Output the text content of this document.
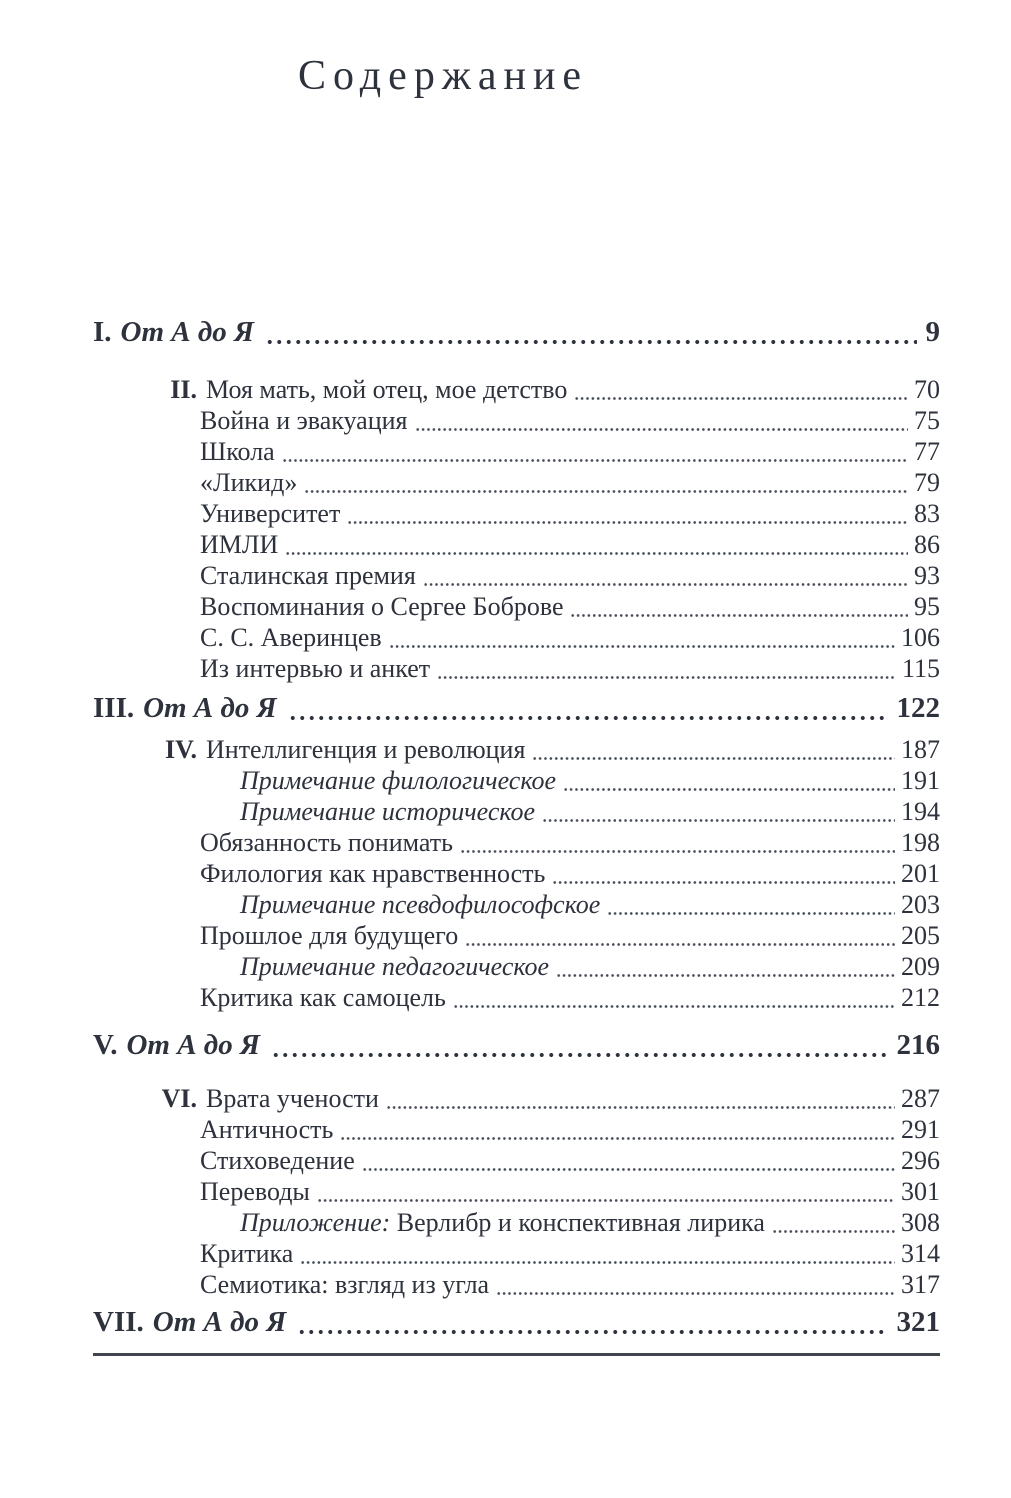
Содержание
I. От А до Я	9
II. Моя мать, мой отец, мое детство	70
Война и эвакуация	75
Школа	77
«Ликид»	79
Университет	83
ИМЛИ	86
Сталинская премия	93
Воспоминания о Сергее Боброве	95
С. С. Аверинцев	106
Из интервью и анкет	115
III. От А до Я	122
IV. Интеллигенция и революция	187
Примечание филологическое	191
Примечание историческое	194
Обязанность понимать	198
Филология как нравственность	201
Примечание псевдофилософское	203
Прошлое для будущего	205
Примечание педагогическое	209
Критика как самоцель	212
V. От А до Я	216
VI. Врата учености	287
Античность	291
Стиховедение	296
Переводы	301
Приложение: Верлибр и конспективная лирика	308
Критика	314
Семиотика: взгляд из угла	317
VII. От А до Я	321
